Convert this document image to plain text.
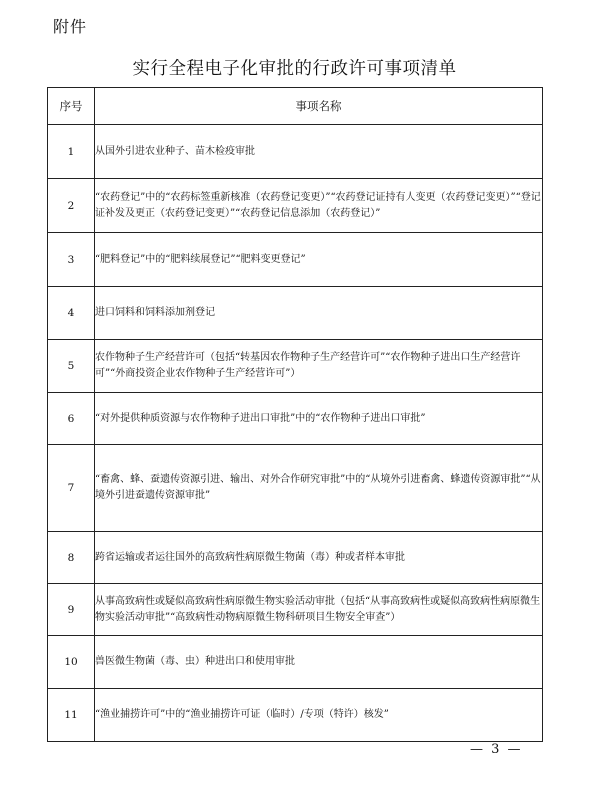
附件
实行全程电子化审批的行政许可事项清单
序号	事项名称
1	从国外引进农业种子、苗木检疫审批
2	“农药登记”中的“农药标签重新核准（农药登记变更）”“农药登记证持有人变更（农药登记变更）”“登记证补发及更正（农药登记变更）”“农药登记信息添加（农药登记）”
3	“肥料登记”中的“肥料续展登记”“肥料变更登记”
4	进口饲料和饲料添加剂登记
5	农作物种子生产经营许可（包括“转基因农作物种子生产经营许可”“农作物种子进出口生产经营许可”“外商投资企业农作物种子生产经营许可”）
6	“对外提供种质资源与农作物种子进出口审批”中的“农作物种子进出口审批”
7	“畜禽、蜂、蚕遗传资源引进、输出、对外合作研究审批”中的“从境外引进畜禽、蜂遗传资源审批”“从境外引进蚕遗传资源审批”
8	跨省运输或者运往国外的高致病性病原微生物菌（毒）种或者样本审批
9	从事高致病性或疑似高致病性病原微生物实验活动审批（包括“从事高致病性或疑似高致病性病原微生物实验活动审批”“高致病性动物病原微生物科研项目生物安全审查”）
10	兽医微生物菌（毒、虫）种进出口和使用审批
11	“渔业捕捞许可”中的“渔业捕捞许可证（临时）/专项（特许）核发”
— 3 —
